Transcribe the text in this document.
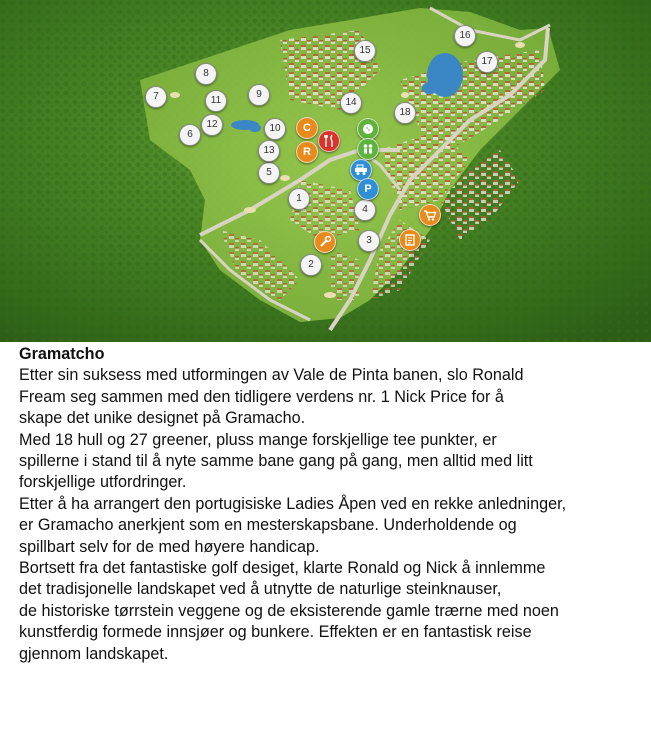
1
2
3
4
5
6
7
8
9
10
11
12
13
14
15
16
17
18
C
R
P

Gramatcho

Etter sin suksess med utformingen av Vale de Pinta banen, slo Ronald

Fream seg sammen med den tidligere verdens nr. 1 Nick Price for å

skape det unike designet på Gramacho.

Med 18 hull og 27 greener, pluss mange forskjellige tee punkter, er

spillerne i stand til å nyte samme bane gang på gang, men alltid med litt

forskjellige utfordringer.

Etter å ha arrangert den portugisiske Ladies Åpen ved en rekke anledninger,

er Gramacho anerkjent som en mesterskapsbane. Underholdende og

spillbart selv for de med høyere handicap.

Bortsett fra det fantastiske golf desiget, klarte Ronald og Nick å innlemme

det tradisjonelle landskapet ved å utnytte de naturlige steinknauser,

de historiske tørrstein veggene og de eksisterende gamle trærne med noen

kunstferdig formede innsjøer og bunkere. Effekten er en fantastisk reise

gjennom landskapet.
